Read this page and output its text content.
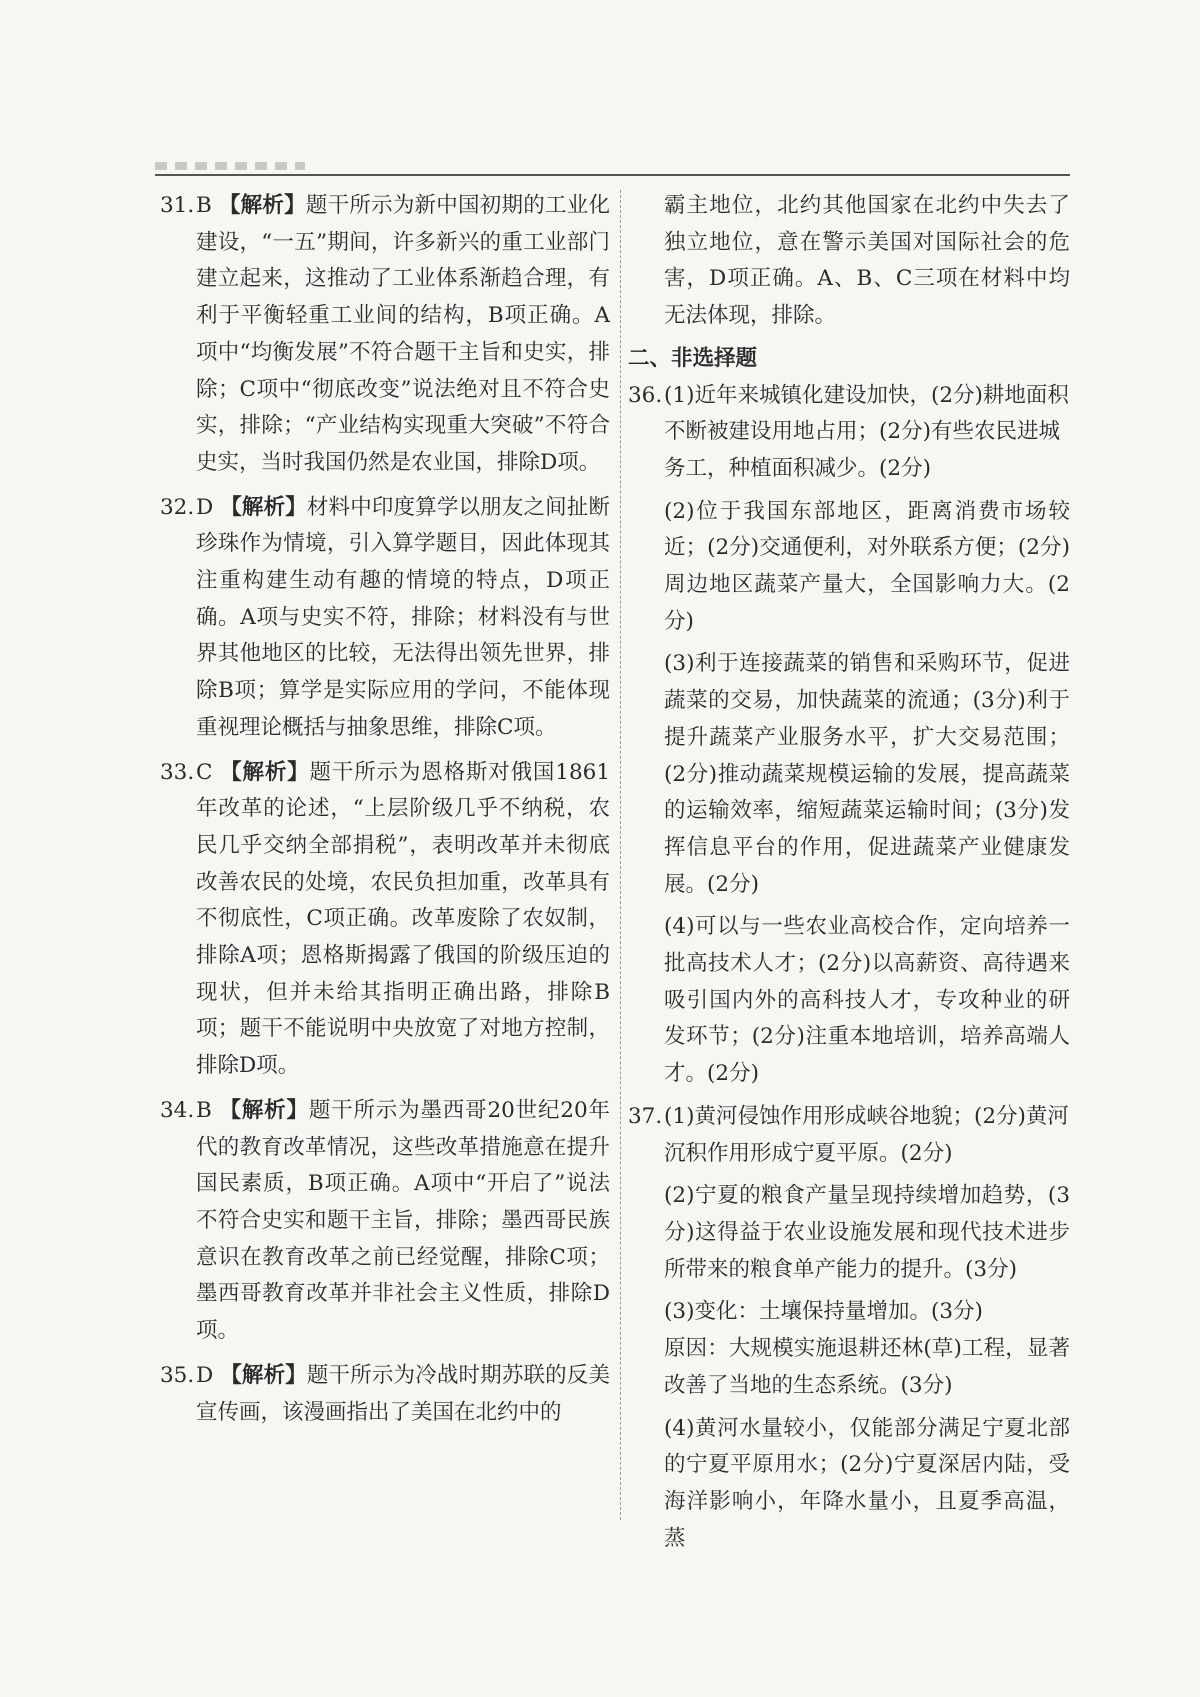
31.B 【解析】题干所示为新中国初期的工业化建设，“一五”期间，许多新兴的重工业部门建立起来，这推动了工业体系渐趋合理，有利于平衡轻重工业间的结构，B项正确。A项中“均衡发展”不符合题干主旨和史实，排除；C项中“彻底改变”说法绝对且不符合史实，排除；“产业结构实现重大突破”不符合史实，当时我国仍然是农业国，排除D项。

32.D 【解析】材料中印度算学以朋友之间扯断珍珠作为情境，引入算学题目，因此体现其注重构建生动有趣的情境的特点，D项正确。A项与史实不符，排除；材料没有与世界其他地区的比较，无法得出领先世界，排除B项；算学是实际应用的学问，不能体现重视理论概括与抽象思维，排除C项。

33.C 【解析】题干所示为恩格斯对俄国1861年改革的论述，“上层阶级几乎不纳税，农民几乎交纳全部捐税”，表明改革并未彻底改善农民的处境，农民负担加重，改革具有不彻底性，C项正确。改革废除了农奴制，排除A项；恩格斯揭露了俄国的阶级压迫的现状，但并未给其指明正确出路，排除B项；题干不能说明中央放宽了对地方控制，排除D项。

34.B 【解析】题干所示为墨西哥20世纪20年代的教育改革情况，这些改革措施意在提升国民素质，B项正确。A项中“开启了”说法不符合史实和题干主旨，排除；墨西哥民族意识在教育改革之前已经觉醒，排除C项；墨西哥教育改革并非社会主义性质，排除D项。

35.D 【解析】题干所示为冷战时期苏联的反美宣传画，该漫画指出了美国在北约中的

霸主地位，北约其他国家在北约中失去了独立地位，意在警示美国对国际社会的危害，D项正确。A、B、C三项在材料中均无法体现，排除。

二、非选择题

36.(1)近年来城镇化建设加快，(2分)耕地面积不断被建设用地占用；(2分)有些农民进城务工，种植面积减少。(2分)

(2)位于我国东部地区，距离消费市场较近；(2分)交通便利，对外联系方便；(2分)周边地区蔬菜产量大，全国影响力大。(2分)

(3)利于连接蔬菜的销售和采购环节，促进蔬菜的交易，加快蔬菜的流通；(3分)利于提升蔬菜产业服务水平，扩大交易范围；(2分)推动蔬菜规模运输的发展，提高蔬菜的运输效率，缩短蔬菜运输时间；(3分)发挥信息平台的作用，促进蔬菜产业健康发展。(2分)

(4)可以与一些农业高校合作，定向培养一批高技术人才；(2分)以高薪资、高待遇来吸引国内外的高科技人才，专攻种业的研发环节；(2分)注重本地培训，培养高端人才。(2分)

37.(1)黄河侵蚀作用形成峡谷地貌；(2分)黄河沉积作用形成宁夏平原。(2分)

(2)宁夏的粮食产量呈现持续增加趋势，(3分)这得益于农业设施发展和现代技术进步所带来的粮食单产能力的提升。(3分)

(3)变化：土壤保持量增加。(3分)

原因：大规模实施退耕还林(草)工程，显著改善了当地的生态系统。(3分)

(4)黄河水量较小，仅能部分满足宁夏北部的宁夏平原用水；(2分)宁夏深居内陆，受海洋影响小，年降水量小，且夏季高温，蒸
